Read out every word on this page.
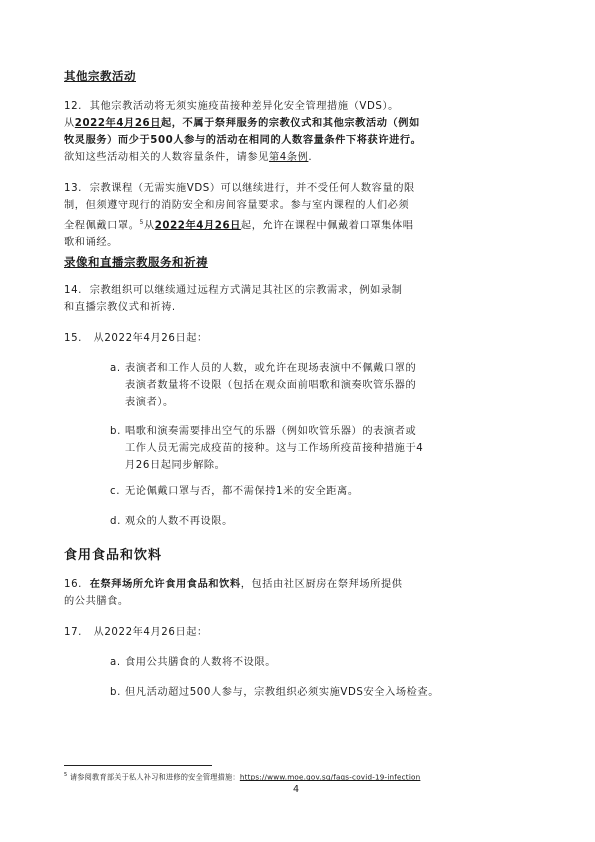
其他宗教活动
12. 其他宗教活动将无须实施疫苗接种差异化安全管理措施（VDS）。
从2022年4月26日起，不属于祭拜服务的宗教仪式和其他宗教活动（例如
牧灵服务）而少于500人参与的活动在相同的人数容量条件下将获许进行。
欲知这些活动相关的人数容量条件，请参见第4条例.
13. 宗教课程（无需实施VDS）可以继续进行，并不受任何人数容量的限
制，但须遵守现行的消防安全和房间容量要求。参与室内课程的人们必须
全程佩戴口罩。$^5$从2022年4月26日起，允许在课程中佩戴着口罩集体唱
歌和诵经。
录像和直播宗教服务和祈祷
14. 宗教组织可以继续通过远程方式满足其社区的宗教需求，例如录制
和直播宗教仪式和祈祷.
15. 从2022年4月26日起：
a. 表演者和工作人员的人数，或允许在现场表演中不佩戴口罩的
表演者数量将不设限（包括在观众面前唱歌和演奏吹管乐器的
表演者）。
b. 唱歌和演奏需要排出空气的乐器（例如吹管乐器）的表演者或
工作人员无需完成疫苗的接种。这与工作场所疫苗接种措施于4
月26日起同步解除。
c. 无论佩戴口罩与否，都不需保持1米的安全距离。
d. 观众的人数不再设限。
食用食品和饮料
16. 在祭拜场所允许食用食品和饮料，包括由社区厨房在祭拜场所提供
的公共膳食。
17. 从2022年4月26日起：
a. 食用公共膳食的人数将不设限。
b. 但凡活动超过500人参与，宗教组织必须实施VDS安全入场检查。
$^5$ 请参阅教育部关于私人补习和进修的安全管理措施：https://www.moe.gov.sg/faqs-covid-19-infection
4
